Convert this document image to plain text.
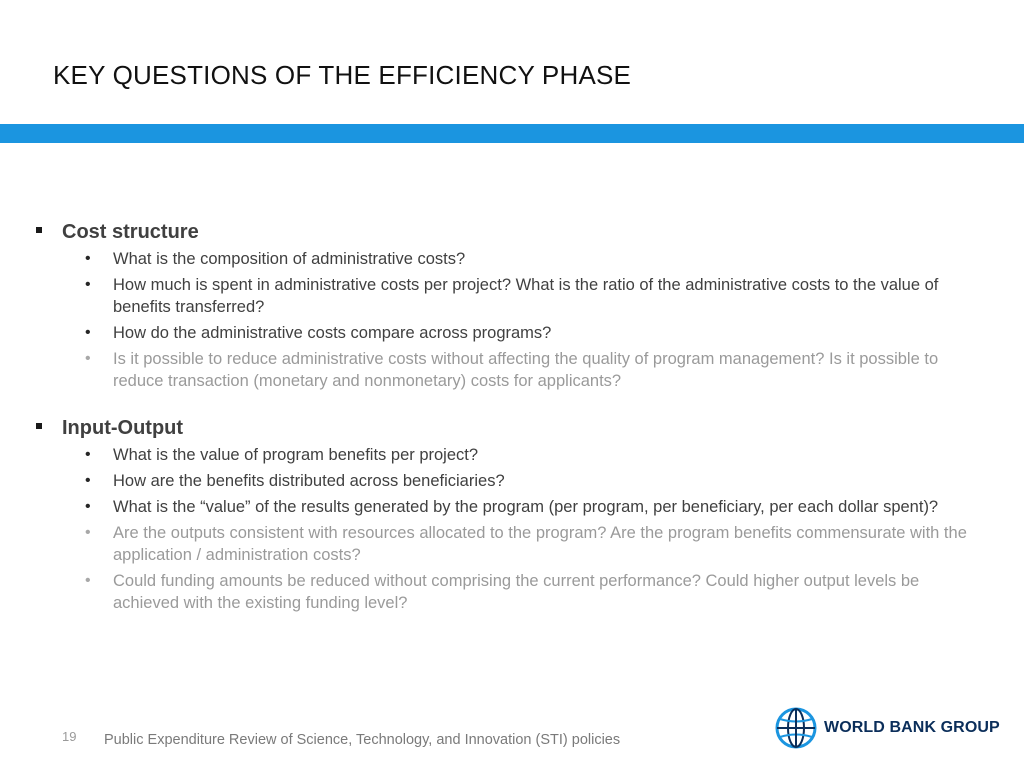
KEY QUESTIONS OF THE EFFICIENCY PHASE
Cost structure
• What is the composition of administrative costs?
• How much is spent in administrative costs per project? What is the ratio of the administrative costs to the value of benefits transferred?
• How do the administrative costs compare across programs?
• Is it possible to reduce administrative costs without affecting the quality of program management? Is it possible to reduce transaction (monetary and nonmonetary) costs for applicants?
Input-Output
• What is the value of program benefits per project?
• How are the benefits distributed across beneficiaries?
• What is the “value” of the results generated by the program (per program, per beneficiary, per each dollar spent)?
• Are the outputs consistent with resources allocated to the program? Are the program benefits commensurate with the application / administration costs?
• Could funding amounts be reduced without comprising the current performance? Could higher output levels be achieved with the existing funding level?
19 Public Expenditure Review of Science, Technology, and Innovation (STI) policies
WORLD BANK GROUP
